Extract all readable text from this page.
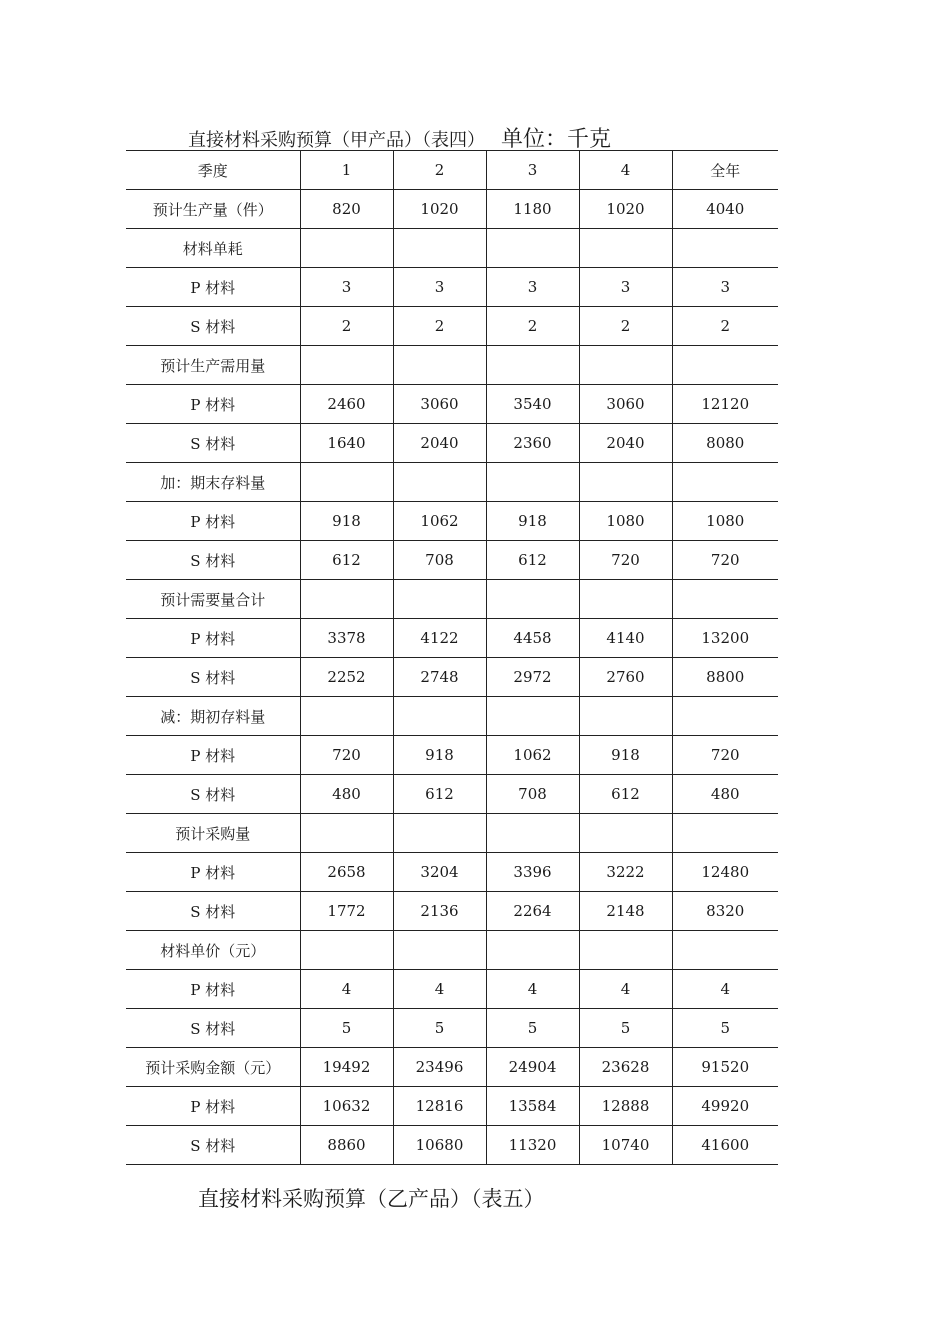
直接材料采购预算（甲产品）（表四） 单位：千克
季度	1	2	3	4	全年
预计生产量（件）	820	1020	1180	1020	4040
材料单耗					
P 材料	3	3	3	3	3
S 材料	2	2	2	2	2
预计生产需用量					
P 材料	2460	3060	3540	3060	12120
S 材料	1640	2040	2360	2040	8080
加：期末存料量					
P 材料	918	1062	918	1080	1080
S 材料	612	708	612	720	720
预计需要量合计					
P 材料	3378	4122	4458	4140	13200
S 材料	2252	2748	2972	2760	8800
减：期初存料量					
P 材料	720	918	1062	918	720
S 材料	480	612	708	612	480
预计采购量					
P 材料	2658	3204	3396	3222	12480
S 材料	1772	2136	2264	2148	8320
材料单价（元）					
P 材料	4	4	4	4	4
S 材料	5	5	5	5	5
预计采购金额（元）	19492	23496	24904	23628	91520
P 材料	10632	12816	13584	12888	49920
S 材料	8860	10680	11320	10740	41600
直接材料采购预算（乙产品）（表五）
